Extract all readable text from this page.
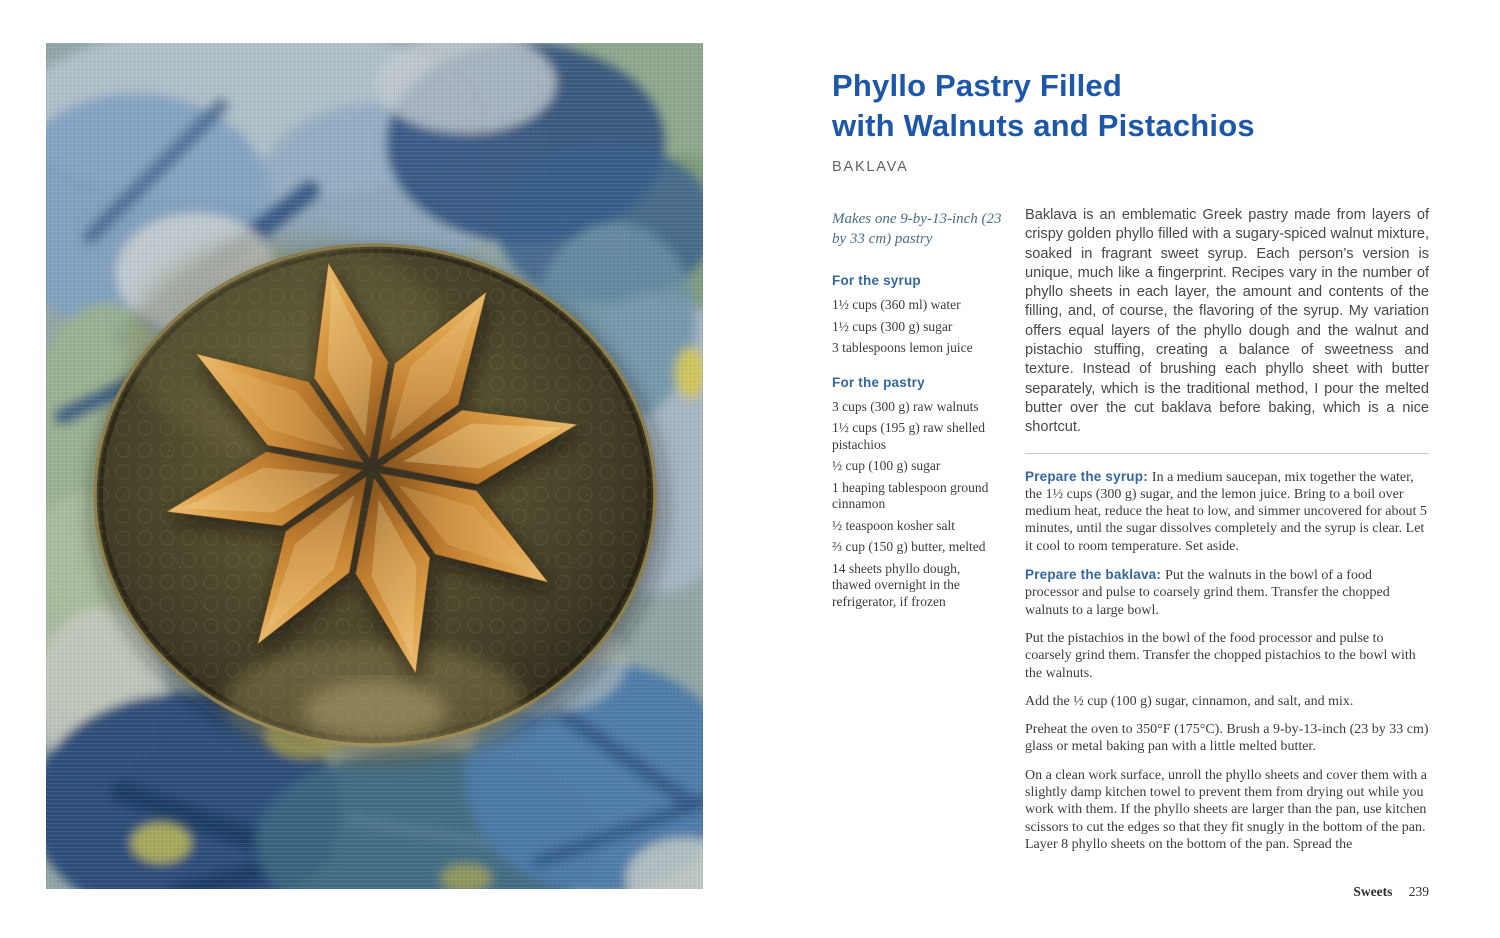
Phyllo Pastry Filled
with Walnuts and Pistachios

BAKLAVA

Makes one 9-by-13-inch (23 by 33 cm) pastry

For the syrup
1½ cups (360 ml) water
1½ cups (300 g) sugar
3 tablespoons lemon juice
For the pastry
3 cups (300 g) raw walnuts
1½ cups (195 g) raw shelled pistachios
½ cup (100 g) sugar
1 heaping tablespoon ground cinnamon
½ teaspoon kosher salt
⅔ cup (150 g) butter, melted
14 sheets phyllo dough, thawed overnight in the refrigerator, if frozen

Baklava is an emblematic Greek pastry made from layers of crispy golden phyllo filled with a sugary-spiced walnut mixture, soaked in fragrant sweet syrup. Each person’s version is unique, much like a fingerprint. Recipes vary in the number of phyllo sheets in each layer, the amount and contents of the filling, and, of course, the flavoring of the syrup. My variation offers equal layers of the phyllo dough and the walnut and pistachio stuffing, creating a balance of sweetness and texture. Instead of brushing each phyllo sheet with butter separately, which is the traditional method, I pour the melted butter over the cut baklava before baking, which is a nice shortcut.

Prepare the syrup: In a medium saucepan, mix together the water, the 1½ cups (300 g) sugar, and the lemon juice. Bring to a boil over medium heat, reduce the heat to low, and simmer uncovered for about 5 minutes, until the sugar dissolves completely and the syrup is clear. Let it cool to room temperature. Set aside.

Prepare the baklava: Put the walnuts in the bowl of a food processor and pulse to coarsely grind them. Transfer the chopped walnuts to a large bowl.

Put the pistachios in the bowl of the food processor and pulse to coarsely grind them. Transfer the chopped pistachios to the bowl with the walnuts.

Add the ½ cup (100 g) sugar, cinnamon, and salt, and mix.

Preheat the oven to 350°F (175°C). Brush a 9-by-13-inch (23 by 33 cm) glass or metal baking pan with a little melted butter.

On a clean work surface, unroll the phyllo sheets and cover them with a slightly damp kitchen towel to prevent them from drying out while you work with them. If the phyllo sheets are larger than the pan, use kitchen scissors to cut the edges so that they fit snugly in the bottom of the pan. Layer 8 phyllo sheets on the bottom of the pan. Spread the

Sweets 239
